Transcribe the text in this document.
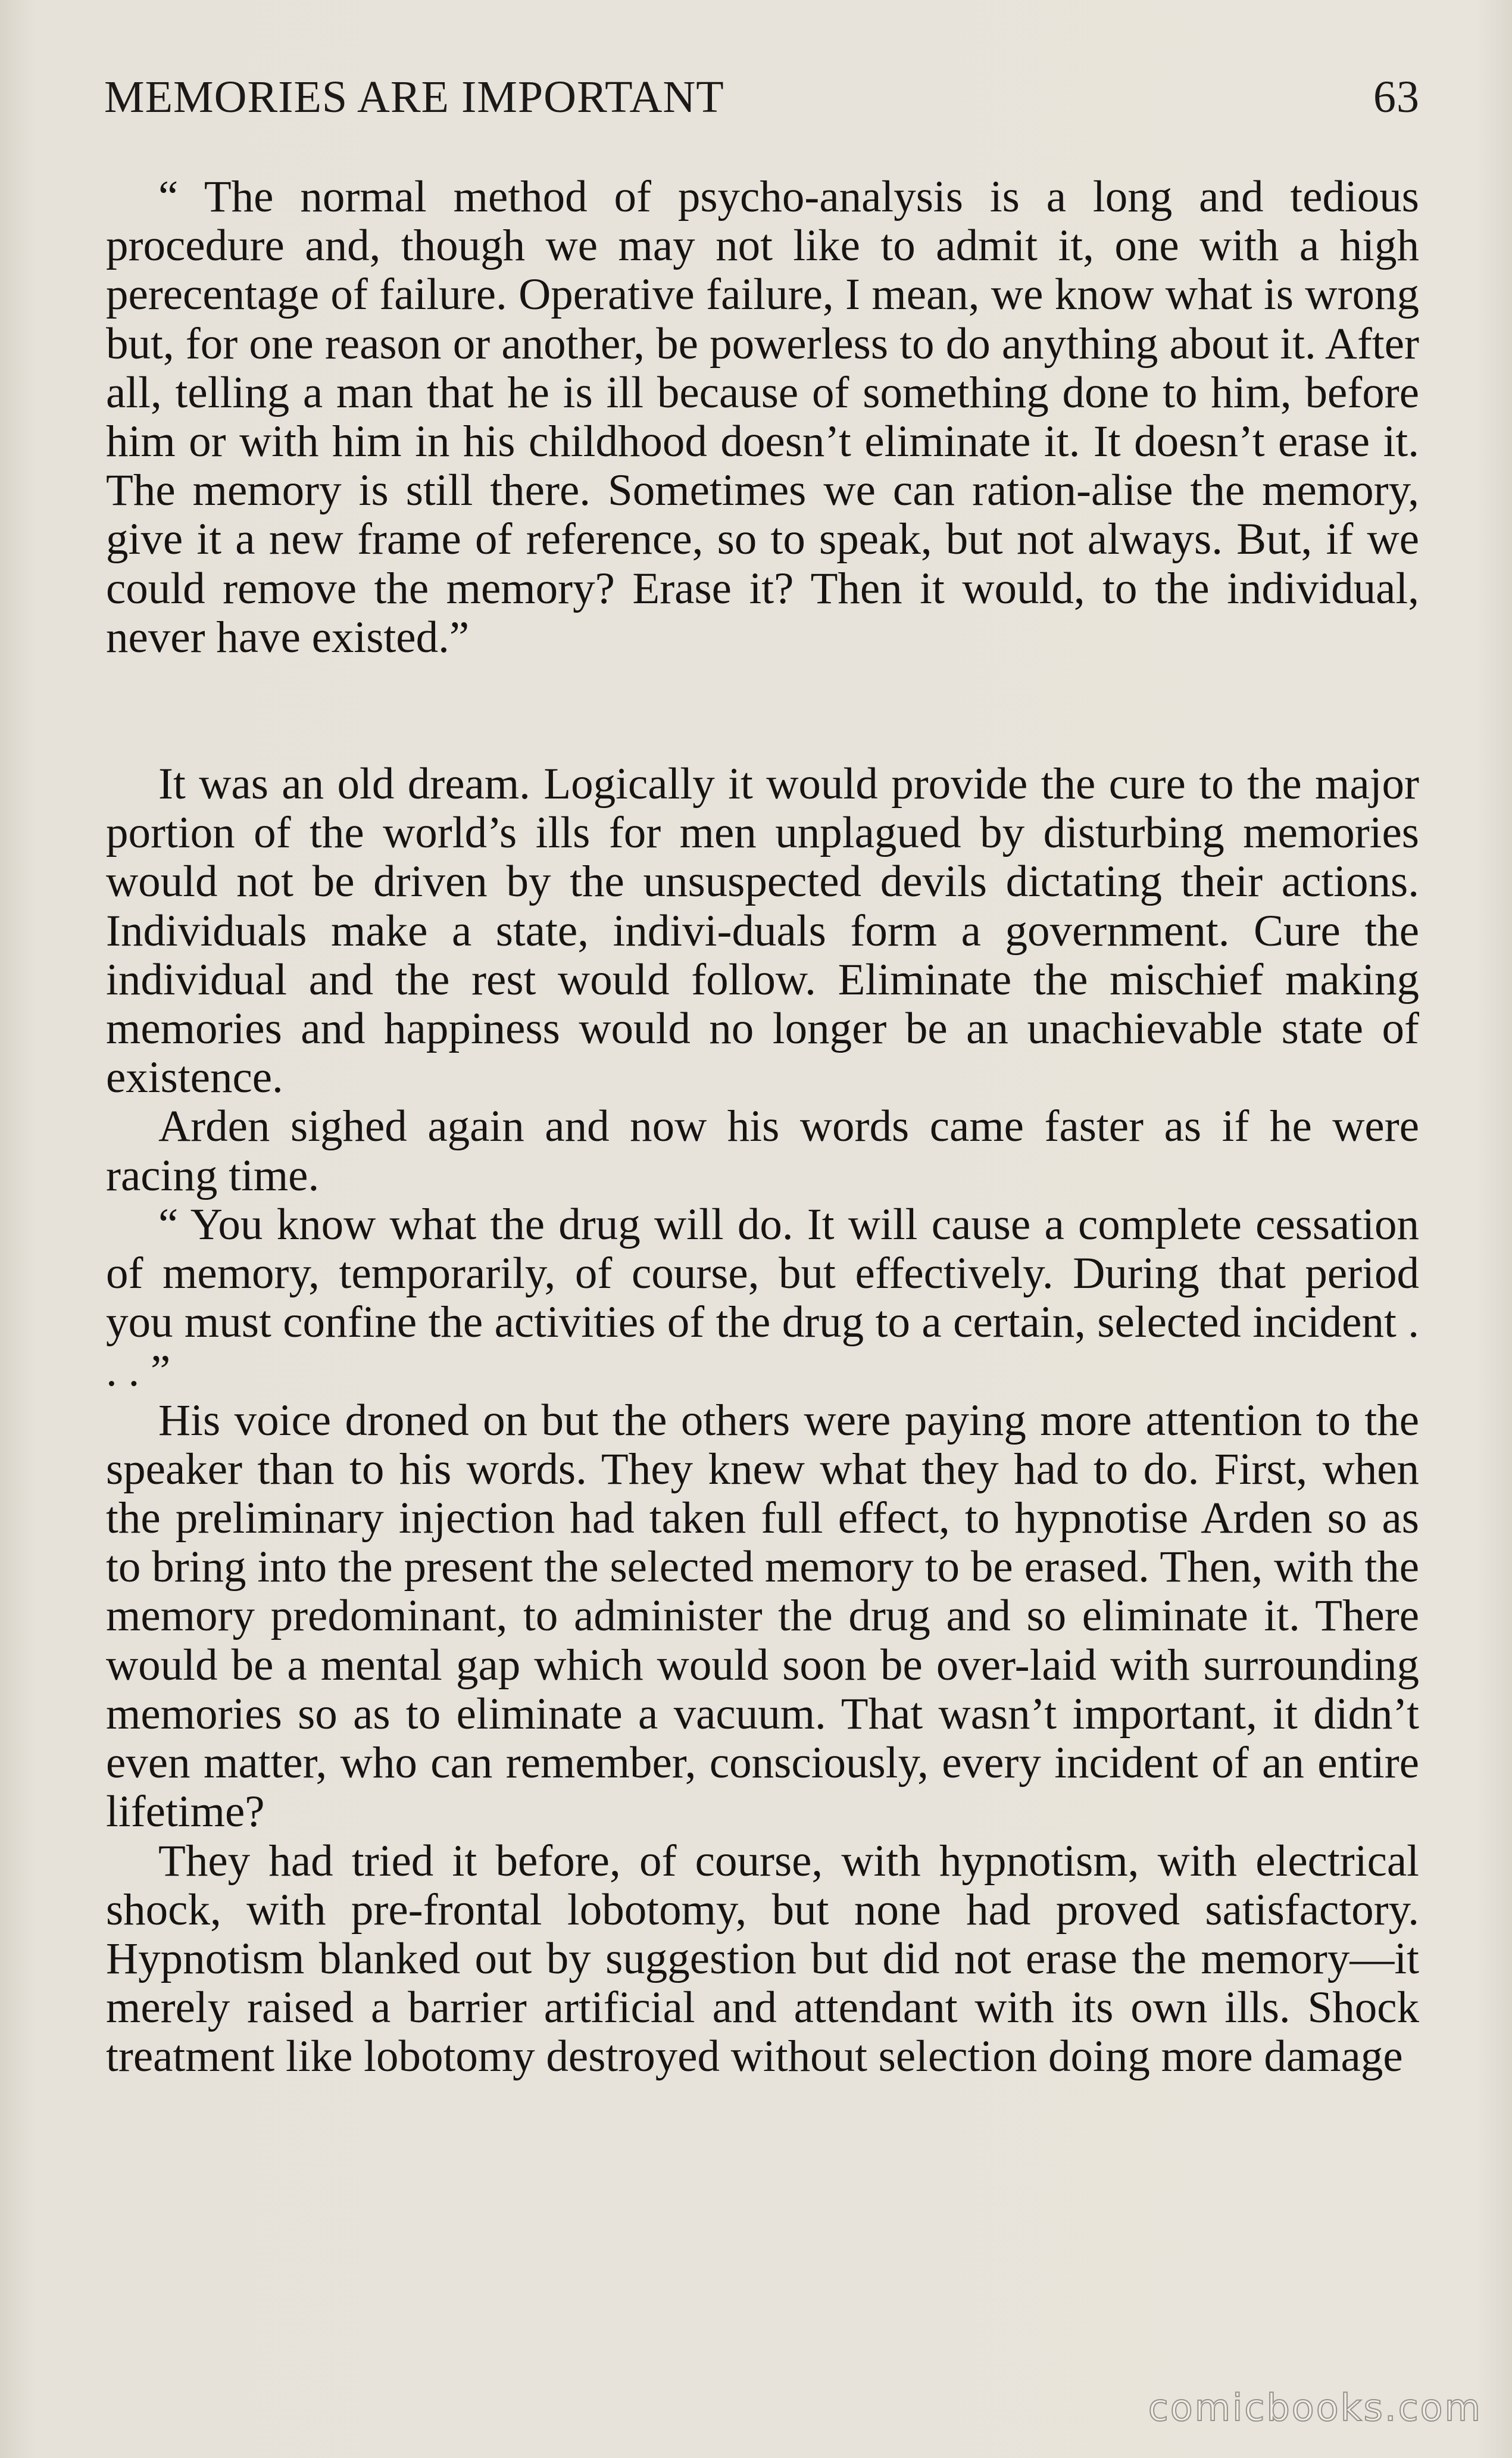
MEMORIES ARE IMPORTANT	63

“ The normal method of psycho-analysis is a long and tedious procedure and, though we may not like to admit it, one with a high perecentage of failure. Operative failure, I mean, we know what is wrong but, for one reason or another, be powerless to do anything about it. After all, telling a man that he is ill because of something done to him, before him or with him in his childhood doesn’t eliminate it. It doesn’t erase it. The memory is still there. Sometimes we can ration-alise the memory, give it a new frame of reference, so to speak, but not always. But, if we could remove the memory? Erase it? Then it would, to the individual, never have existed.”

It was an old dream. Logically it would provide the cure to the major portion of the world’s ills for men unplagued by disturbing memories would not be driven by the unsuspected devils dictating their actions. Individuals make a state, indivi-duals form a government. Cure the individual and the rest would follow. Eliminate the mischief making memories and happiness would no longer be an unachievable state of existence.

Arden sighed again and now his words came faster as if he were racing time.

“ You know what the drug will do. It will cause a complete cessation of memory, temporarily, of course, but effectively. During that period you must confine the activities of the drug to a certain, selected incident . . . ”

His voice droned on but the others were paying more attention to the speaker than to his words. They knew what they had to do. First, when the preliminary injection had taken full effect, to hypnotise Arden so as to bring into the present the selected memory to be erased. Then, with the memory predominant, to administer the drug and so eliminate it. There would be a mental gap which would soon be over-laid with surrounding memories so as to eliminate a vacuum. That wasn’t important, it didn’t even matter, who can remember, consciously, every incident of an entire lifetime?

They had tried it before, of course, with hypnotism, with electrical shock, with pre-frontal lobotomy, but none had proved satisfactory. Hypnotism blanked out by suggestion but did not erase the memory—it merely raised a barrier artificial and attendant with its own ills. Shock treatment like lobotomy destroyed without selection doing more damage

comicbooks.com
